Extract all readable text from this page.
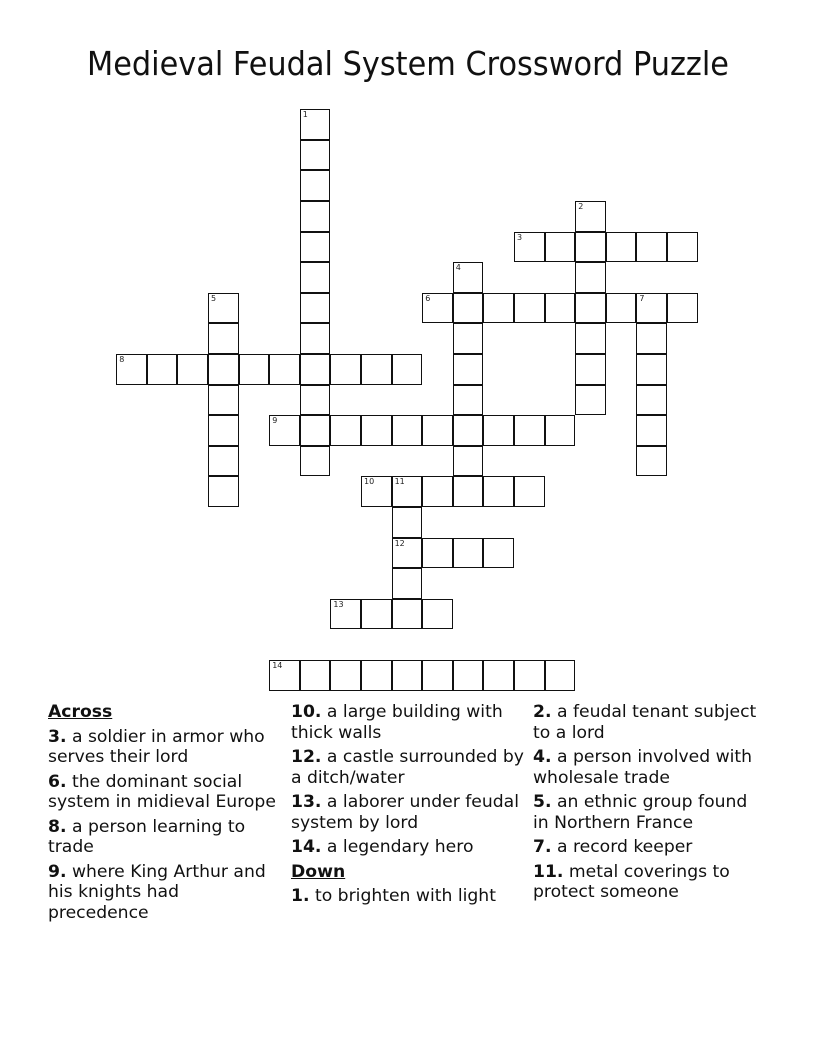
Medieval Feudal System Crossword Puzzle
1
2
3
4
5	6	7
8
9
10	11
12
13
14
Across
3. a soldier in armor who serves their lord
6. the dominant social system in midieval Europe
8. a person learning to trade
9. where King Arthur and his knights had precedence
10. a large building with thick walls
12. a castle surrounded by a ditch/water
13. a laborer under feudal system by lord
14. a legendary hero
Down
1. to brighten with light
2. a feudal tenant subject to a lord
4. a person involved with wholesale trade
5. an ethnic group found in Northern France
7. a record keeper
11. metal coverings to protect someone
